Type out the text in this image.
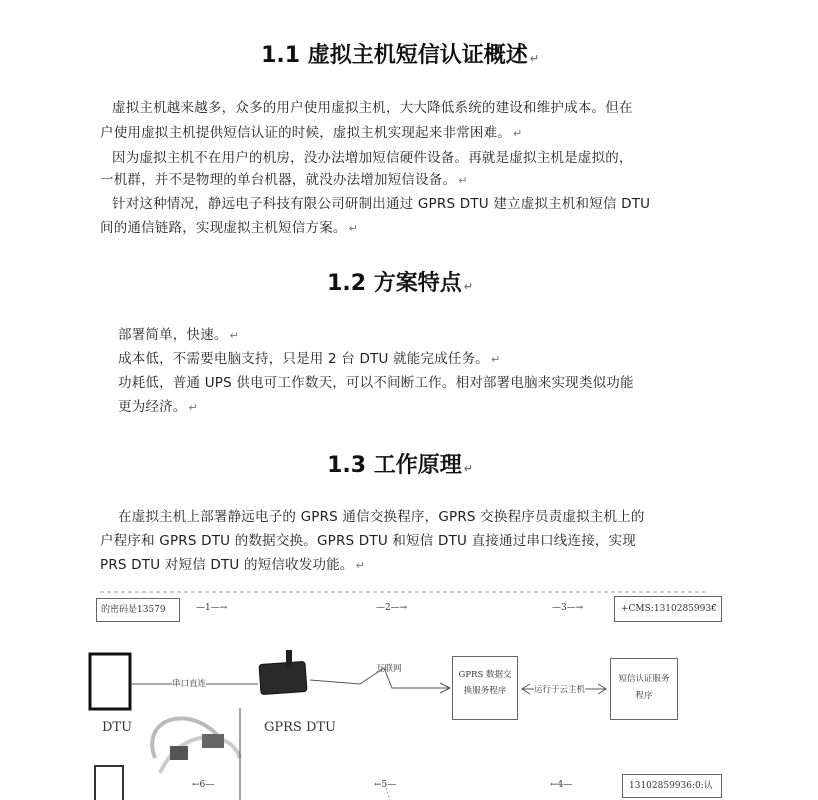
1.1 虚拟主机短信认证概述 ↵
虚拟主机越来越多，众多的用户使用虚拟主机，大大降低系统的建设和维护成本。但在
户使用虚拟主机提供短信认证的时候，虚拟主机实现起来非常困难。 ↵
因为虚拟主机不在用户的机房，没办法增加短信硬件设备。再就是虚拟主机是虚拟的，
一机群，并不是物理的单台机器，就没办法增加短信设备。 ↵
针对这种情况，静远电子科技有限公司研制出通过 GPRS DTU 建立虚拟主机和短信 DTU
间的通信链路，实现虚拟主机短信方案。 ↵
1.2 方案特点 ↵
部署简单，快速。 ↵
成本低，不需要电脑支持，只是用 2 台 DTU 就能完成任务。 ↵
功耗低，普通 UPS 供电可工作数天，可以不间断工作。相对部署电脑来实现类似功能
更为经济。 ↵
1.3 工作原理 ↵
在虚拟主机上部署静远电子的 GPRS 通信交换程序，GPRS 交换程序员责虚拟主机上的
户程序和 GPRS DTU 的数据交换。GPRS DTU 和短信 DTU 直接通过串口线连接，实现
PRS DTU 对短信 DTU 的短信收发功能。 ↵
的密码是13579	—1—→	—2—→	—3—→	+CMS:1310285993€
串口直连
互联网
GPRS 数据交换服务程序	运行于云主机
短信认证服务程序
DTU	GPRS DTU
←6—	←5—	←4—	13102859936:0:认
